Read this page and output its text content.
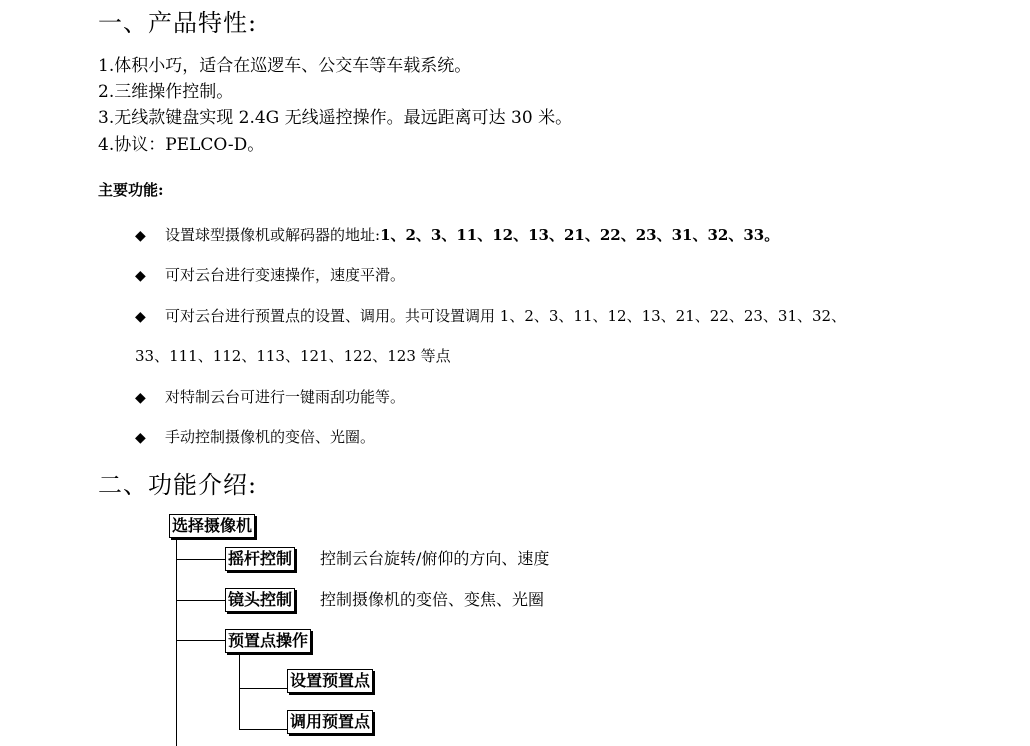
一、产品特性:
1.体积小巧，适合在巡逻车、公交车等车载系统。
2.三维操作控制。
3.无线款键盘实现 2.4G 无线遥控操作。最远距离可达 30 米。
4.协议：PELCO-D。
主要功能:
◆ 设置球型摄像机或解码器的地址:1、2、3、11、12、13、21、22、23、31、32、33。
◆ 可对云台进行变速操作，速度平滑。
◆ 可对云台进行预置点的设置、调用。共可设置调用 1、2、3、11、12、13、21、22、23、31、32、
33、111、112、113、121、122、123 等点
◆ 对特制云台可进行一键雨刮功能等。
◆ 手动控制摄像机的变倍、光圈。
二、功能介绍:
选择摄像机
摇杆控制 控制云台旋转/俯仰的方向、速度
镜头控制 控制摄像机的变倍、变焦、光圈
预置点操作
设置预置点
调用预置点
